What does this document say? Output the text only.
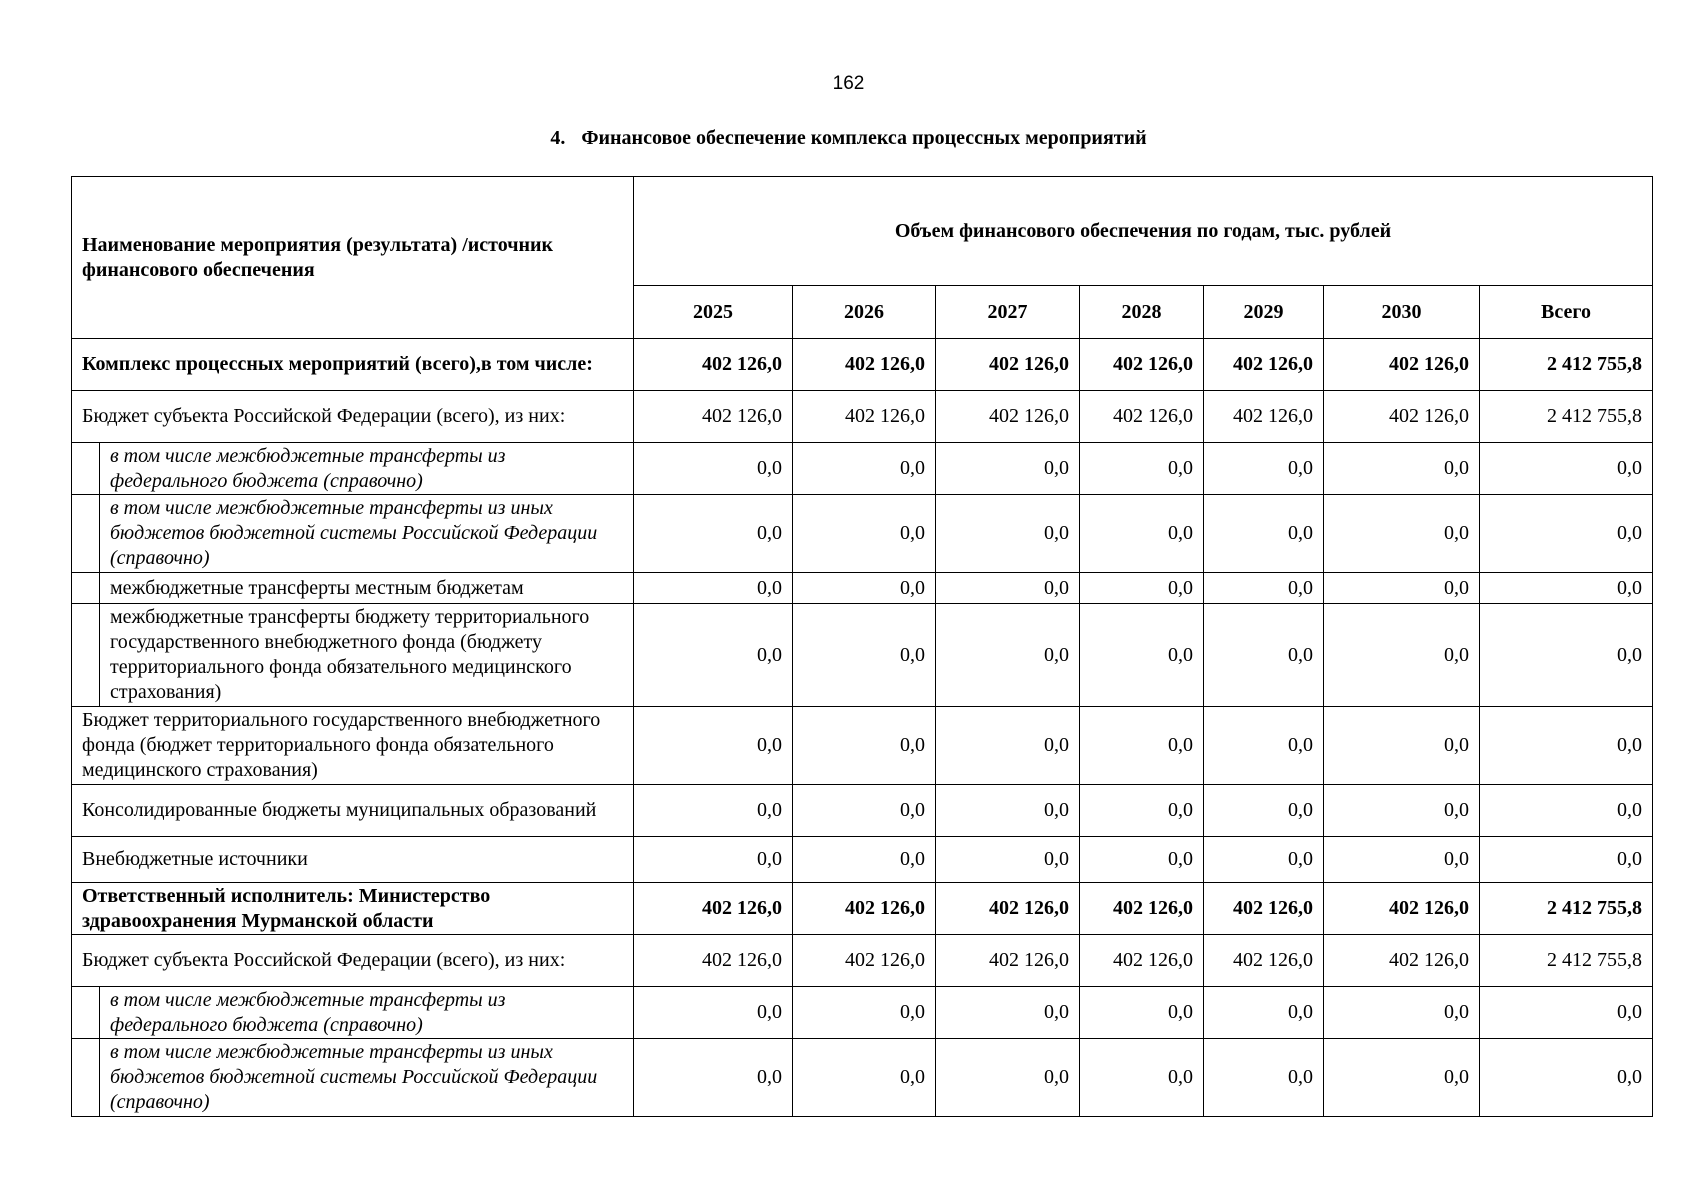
162
4. Финансовое обеспечение комплекса процессных мероприятий
Наименование мероприятия (результата) /источник финансового обеспечения		Объем финансового обеспечения по годам, тыс. рублей						
		2025	2026	2027	2028	2029	2030	Всего
Комплекс процессных мероприятий (всего),в том числе:		402 126,0	402 126,0	402 126,0	402 126,0	402 126,0	402 126,0	2 412 755,8
Бюджет субъекта Российской Федерации (всего), из них:		402 126,0	402 126,0	402 126,0	402 126,0	402 126,0	402 126,0	2 412 755,8
	в том числе межбюджетные трансферты из федерального бюджета (справочно)	0,0	0,0	0,0	0,0	0,0	0,0	0,0
	в том числе межбюджетные трансферты из иных бюджетов бюджетной системы Российской Федерации (справочно)	0,0	0,0	0,0	0,0	0,0	0,0	0,0
	межбюджетные трансферты местным бюджетам	0,0	0,0	0,0	0,0	0,0	0,0	0,0
	межбюджетные трансферты бюджету территориального государственного внебюджетного фонда (бюджету территориального фонда обязательного медицинского страхования)	0,0	0,0	0,0	0,0	0,0	0,0	0,0
Бюджет территориального государственного внебюджетного фонда (бюджет территориального фонда обязательного медицинского страхования)		0,0	0,0	0,0	0,0	0,0	0,0	0,0
Консолидированные бюджеты муниципальных образований		0,0	0,0	0,0	0,0	0,0	0,0	0,0
Внебюджетные источники		0,0	0,0	0,0	0,0	0,0	0,0	0,0
Ответственный исполнитель: Министерство здравоохранения Мурманской области		402 126,0	402 126,0	402 126,0	402 126,0	402 126,0	402 126,0	2 412 755,8
Бюджет субъекта Российской Федерации (всего), из них:		402 126,0	402 126,0	402 126,0	402 126,0	402 126,0	402 126,0	2 412 755,8
	в том числе межбюджетные трансферты из федерального бюджета (справочно)	0,0	0,0	0,0	0,0	0,0	0,0	0,0
	в том числе межбюджетные трансферты из иных бюджетов бюджетной системы Российской Федерации (справочно)	0,0	0,0	0,0	0,0	0,0	0,0	0,0
